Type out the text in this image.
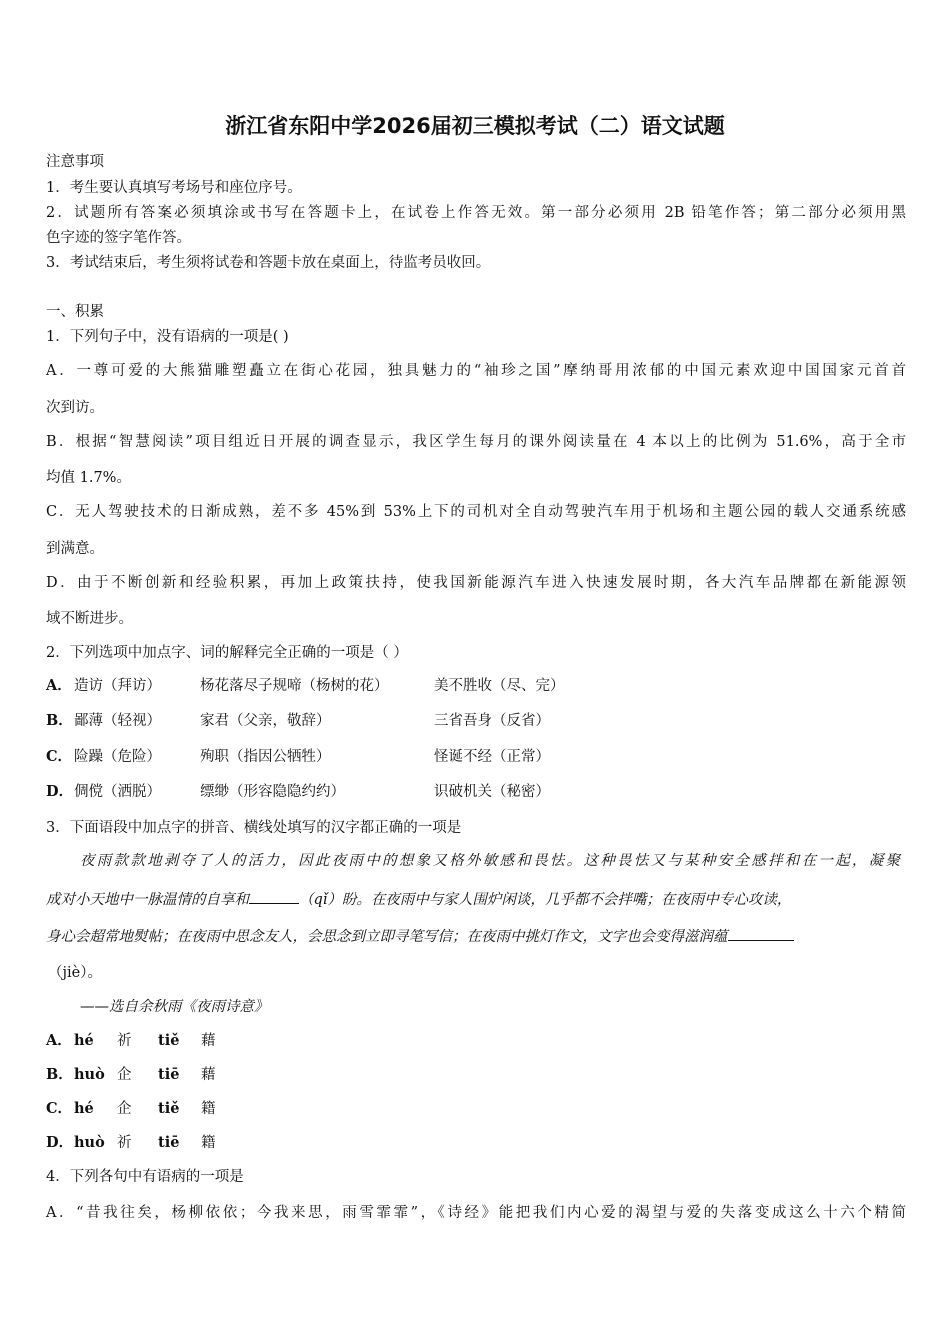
浙江省东阳中学2026届初三模拟考试（二）语文试题
注意事项
1．考生要认真填写考场号和座位序号。
2．试题所有答案必须填涂或书写在答题卡上，在试卷上作答无效。第一部分必须用 2B 铅笔作答；第二部分必须用黑
色字迹的签字笔作答。
3．考试结束后，考生须将试卷和答题卡放在桌面上，待监考员收回。
一、积累
1．下列句子中，没有语病的一项是( )
A．一尊可爱的大熊猫雕塑矗立在街心花园，独具魅力的“袖珍之国”摩纳哥用浓郁的中国元素欢迎中国国家元首首
次到访。
B．根据“智慧阅读”项目组近日开展的调查显示，我区学生每月的课外阅读量在 4 本以上的比例为 51.6%，高于全市
均值 1.7%。
C．无人驾驶技术的日渐成熟，差不多 45%到 53%上下的司机对全自动驾驶汽车用于机场和主题公园的载人交通系统感
到满意。
D．由于不断创新和经验积累，再加上政策扶持，使我国新能源汽车进入快速发展时期，各大汽车品牌都在新能源领
域不断进步。
2．下列选项中加点字、词的解释完全正确的一项是（ ）
A． 造访（拜访）	杨花落尽子规啼（杨树的花）	美不胜收（尽、完）
B． 鄙薄（轻视）	家君（父亲，敬辞）	三省吾身（反省）
C． 险躁（危险）	殉职（指因公牺牲）	怪诞不经（正常）
D． 倜傥（洒脱）	缥缈（形容隐隐约约）	识破机关（秘密）
3．下面语段中加点字的拼音、横线处填写的汉字都正确的一项是
夜雨款款地剥夺了人的活力，因此夜雨中的想象又格外敏感和畏怯。这种畏怯又与某种安全感拌和在一起，凝聚
成对小天地中一脉温情的自享和	（qǐ）盼。在夜雨中与家人围炉闲谈，几乎都不会拌嘴；在夜雨中专心攻读，
身心会超常地熨帖；在夜雨中思念友人，会思念到立即寻笔写信；在夜雨中挑灯作文，文字也会变得滋润蕴
（jiè）。
——选自余秋雨《夜雨诗意》
A． hé 祈 tiě 藉
B． huò 企 tiē 藉
C． hé 企 tiě 籍
D． huò 祈 tiē 籍
4．下列各句中有语病的一项是
A．“昔我往矣，杨柳依依；今我来思，雨雪霏霏”，《诗经》能把我们内心爱的渴望与爱的失落变成这么十六个精简
